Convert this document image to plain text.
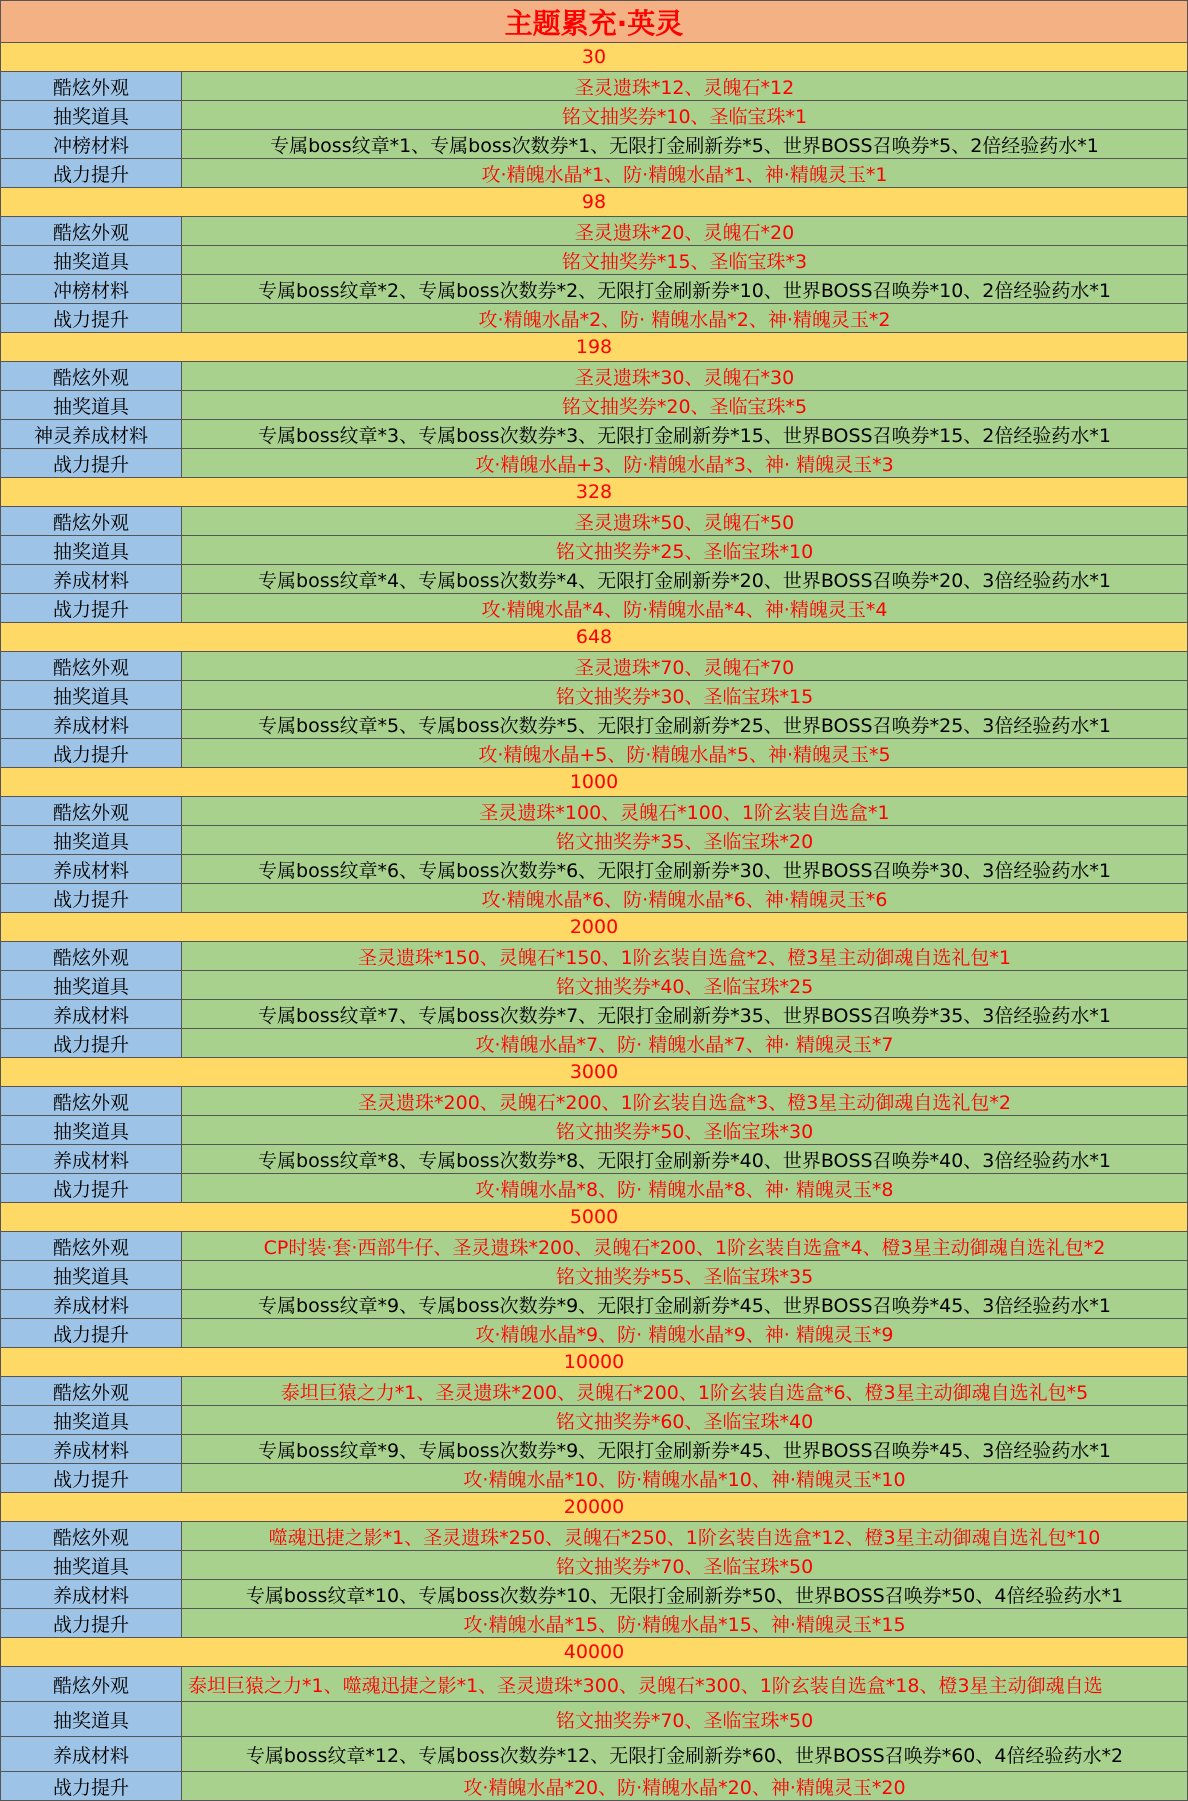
主题累充·英灵
30
酷炫外观	圣灵遗珠*12、灵魄石*12
抽奖道具	铭文抽奖券*10、圣临宝珠*1
冲榜材料	专属boss纹章*1、专属boss次数券*1、无限打金刷新券*5、世界BOSS召唤券*5、2倍经验药水*1
战力提升	攻·精魄水晶*1、防·精魄水晶*1、神·精魄灵玉*1
98
酷炫外观	圣灵遗珠*20、灵魄石*20
抽奖道具	铭文抽奖券*15、圣临宝珠*3
冲榜材料	专属boss纹章*2、专属boss次数券*2、无限打金刷新券*10、世界BOSS召唤券*10、2倍经验药水*1
战力提升	攻·精魄水晶*2、防· 精魄水晶*2、神·精魄灵玉*2
198
酷炫外观	圣灵遗珠*30、灵魄石*30
抽奖道具	铭文抽奖券*20、圣临宝珠*5
神灵养成材料	专属boss纹章*3、专属boss次数券*3、无限打金刷新券*15、世界BOSS召唤券*15、2倍经验药水*1
战力提升	攻·精魄水晶+3、防·精魄水晶*3、神· 精魄灵玉*3
328
酷炫外观	圣灵遗珠*50、灵魄石*50
抽奖道具	铭文抽奖券*25、圣临宝珠*10
养成材料	专属boss纹章*4、专属boss次数券*4、无限打金刷新券*20、世界BOSS召唤券*20、3倍经验药水*1
战力提升	攻·精魄水晶*4、防·精魄水晶*4、神·精魄灵玉*4
648
酷炫外观	圣灵遗珠*70、灵魄石*70
抽奖道具	铭文抽奖券*30、圣临宝珠*15
养成材料	专属boss纹章*5、专属boss次数券*5、无限打金刷新券*25、世界BOSS召唤券*25、3倍经验药水*1
战力提升	攻·精魄水晶+5、防·精魄水晶*5、神·精魄灵玉*5
1000
酷炫外观	圣灵遗珠*100、灵魄石*100、1阶玄装自选盒*1
抽奖道具	铭文抽奖券*35、圣临宝珠*20
养成材料	专属boss纹章*6、专属boss次数券*6、无限打金刷新券*30、世界BOSS召唤券*30、3倍经验药水*1
战力提升	攻·精魄水晶*6、防·精魄水晶*6、神·精魄灵玉*6
2000
酷炫外观	圣灵遗珠*150、灵魄石*150、1阶玄装自选盒*2、橙3星主动御魂自选礼包*1
抽奖道具	铭文抽奖券*40、圣临宝珠*25
养成材料	专属boss纹章*7、专属boss次数券*7、无限打金刷新券*35、世界BOSS召唤券*35、3倍经验药水*1
战力提升	攻·精魄水晶*7、防· 精魄水晶*7、神· 精魄灵玉*7
3000
酷炫外观	圣灵遗珠*200、灵魄石*200、1阶玄装自选盒*3、橙3星主动御魂自选礼包*2
抽奖道具	铭文抽奖券*50、圣临宝珠*30
养成材料	专属boss纹章*8、专属boss次数券*8、无限打金刷新券*40、世界BOSS召唤券*40、3倍经验药水*1
战力提升	攻·精魄水晶*8、防· 精魄水晶*8、神· 精魄灵玉*8
5000
酷炫外观	CP时装·套·西部牛仔、圣灵遗珠*200、灵魄石*200、1阶玄装自选盒*4、橙3星主动御魂自选礼包*2
抽奖道具	铭文抽奖券*55、圣临宝珠*35
养成材料	专属boss纹章*9、专属boss次数券*9、无限打金刷新券*45、世界BOSS召唤券*45、3倍经验药水*1
战力提升	攻·精魄水晶*9、防· 精魄水晶*9、神· 精魄灵玉*9
10000
酷炫外观	泰坦巨猿之力*1、圣灵遗珠*200、灵魄石*200、1阶玄装自选盒*6、橙3星主动御魂自选礼包*5
抽奖道具	铭文抽奖券*60、圣临宝珠*40
养成材料	专属boss纹章*9、专属boss次数券*9、无限打金刷新券*45、世界BOSS召唤券*45、3倍经验药水*1
战力提升	攻·精魄水晶*10、防·精魄水晶*10、神·精魄灵玉*10
20000
酷炫外观	噬魂迅捷之影*1、圣灵遗珠*250、灵魄石*250、1阶玄装自选盒*12、橙3星主动御魂自选礼包*10
抽奖道具	铭文抽奖券*70、圣临宝珠*50
养成材料	专属boss纹章*10、专属boss次数券*10、无限打金刷新券*50、世界BOSS召唤券*50、4倍经验药水*1
战力提升	攻·精魄水晶*15、防·精魄水晶*15、神·精魄灵玉*15
40000
酷炫外观	泰坦巨猿之力*1、噬魂迅捷之影*1、圣灵遗珠*300、灵魄石*300、1阶玄装自选盒*18、橙3星主动御魂自选
抽奖道具	铭文抽奖券*70、圣临宝珠*50
养成材料	专属boss纹章*12、专属boss次数券*12、无限打金刷新券*60、世界BOSS召唤券*60、4倍经验药水*2
战力提升	攻·精魄水晶*20、防·精魄水晶*20、神·精魄灵玉*20
